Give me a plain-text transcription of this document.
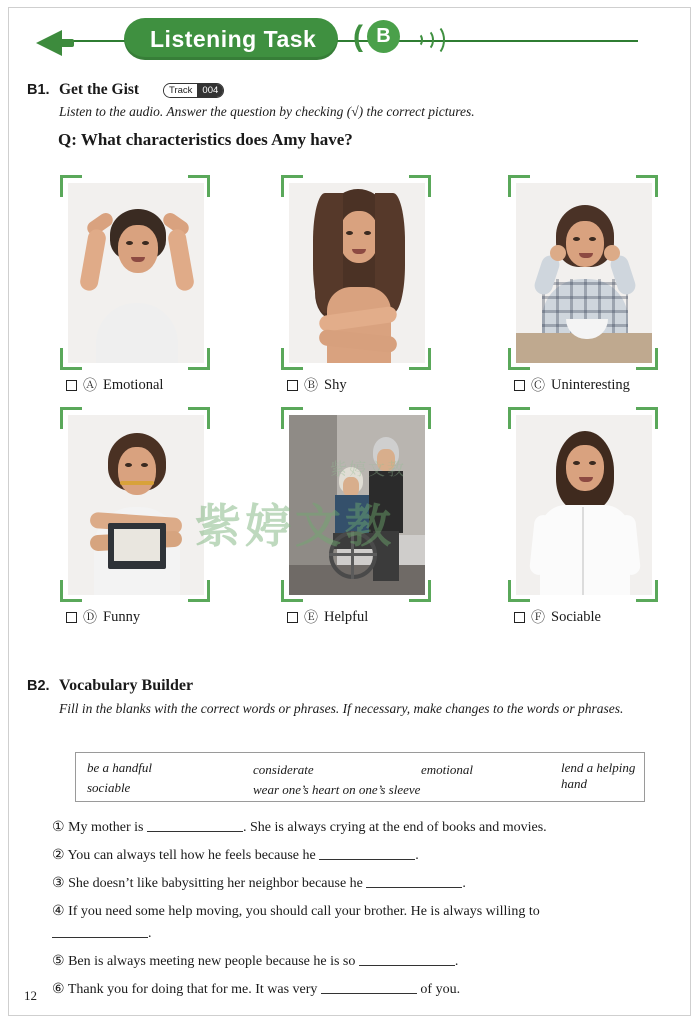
Listening Task	( B
B1. Get the Gist	Track	004
Listen to the audio. Answer the question by checking (√) the correct pictures.
Q: What characteristics does Amy have?
Ⓐ Emotional	Ⓑ Shy	Ⓒ Uninteresting
Ⓓ Funny	Ⓔ Helpful	Ⓕ Sociable
紫婷文教
紫婷文教
B2. Vocabulary Builder
Fill in the blanks with the correct words or phrases. If necessary, make changes to the words or phrases.
be a handful	considerate	emotional	lend a helping hand
sociable	wear one’s heart on one’s sleeve
① My mother is	. She is always crying at the end of books and movies.
② You can always tell how he feels because he	.
③ She doesn’t like babysitting her neighbor because he	.
④ If you need some help moving, you should call your brother. He is always willing to
.
⑤ Ben is always meeting new people because he is so	.
⑥ Thank you for doing that for me. It was very	of you.
12
